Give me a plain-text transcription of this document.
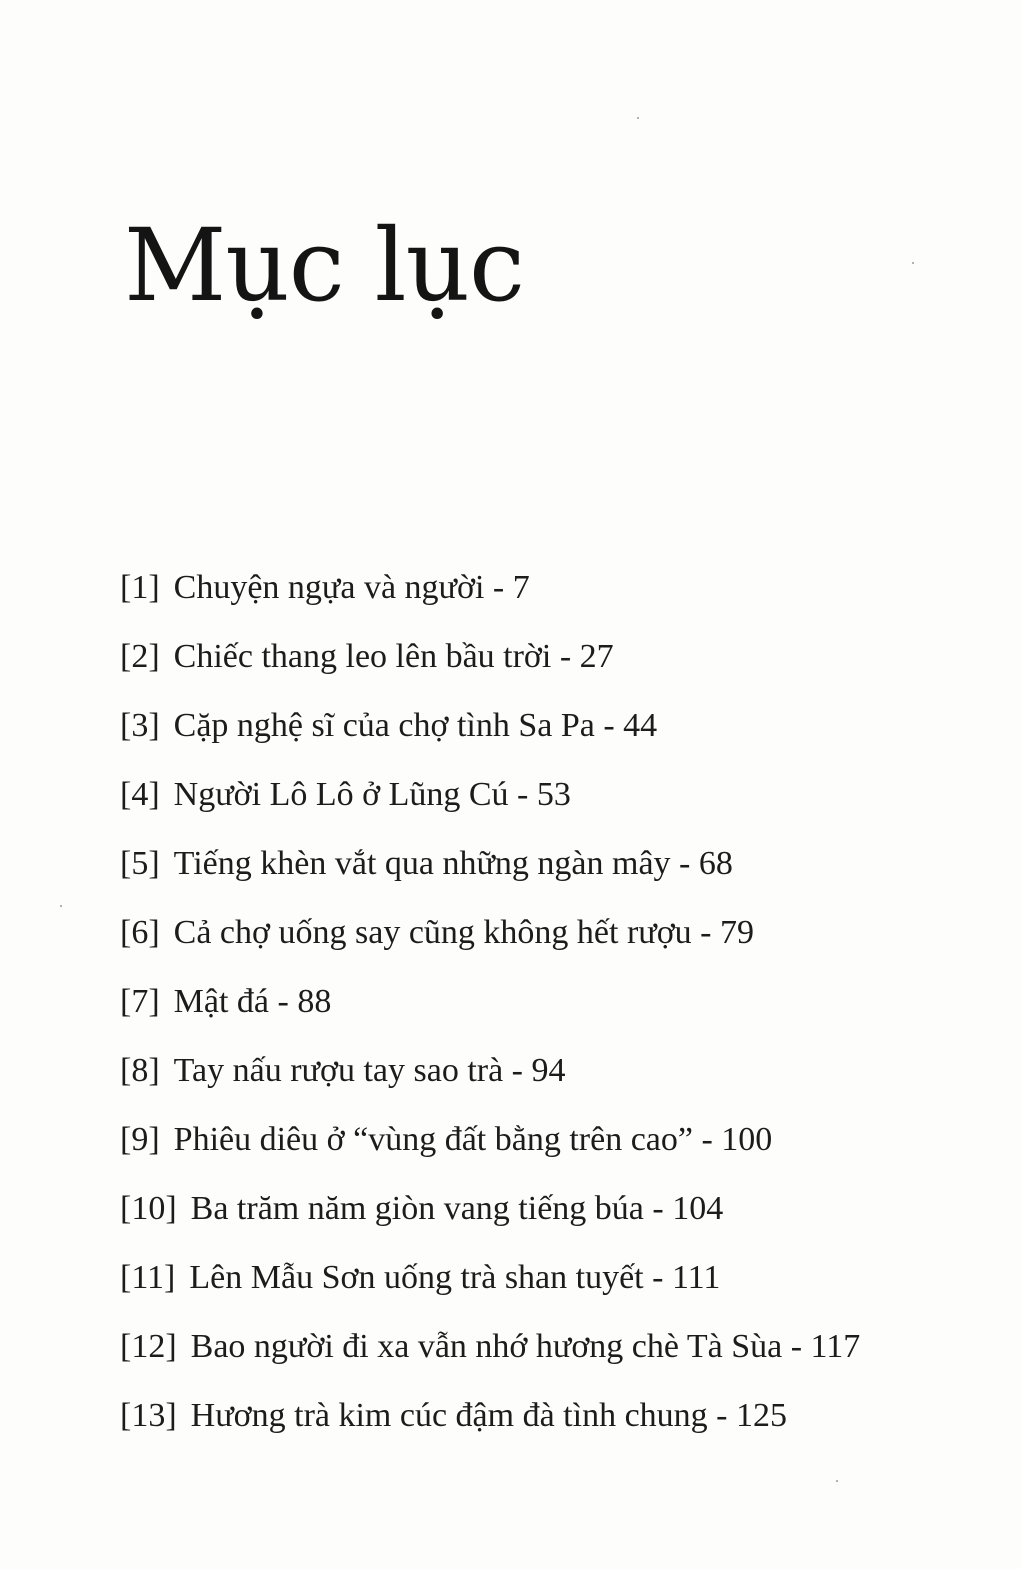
Mục lục
[1] Chuyện ngựa và người - 7
[2] Chiếc thang leo lên bầu trời - 27
[3] Cặp nghệ sĩ của chợ tình Sa Pa - 44
[4] Người Lô Lô ở Lũng Cú - 53
[5] Tiếng khèn vắt qua những ngàn mây - 68
[6] Cả chợ uống say cũng không hết rượu - 79
[7] Mật đá - 88
[8] Tay nấu rượu tay sao trà - 94
[9] Phiêu diêu ở “vùng đất bằng trên cao” - 100
[10] Ba trăm năm giòn vang tiếng búa - 104
[11] Lên Mẫu Sơn uống trà shan tuyết - 111
[12] Bao người đi xa vẫn nhớ hương chè Tà Sùa - 117
[13] Hương trà kim cúc đậm đà tình chung - 125
